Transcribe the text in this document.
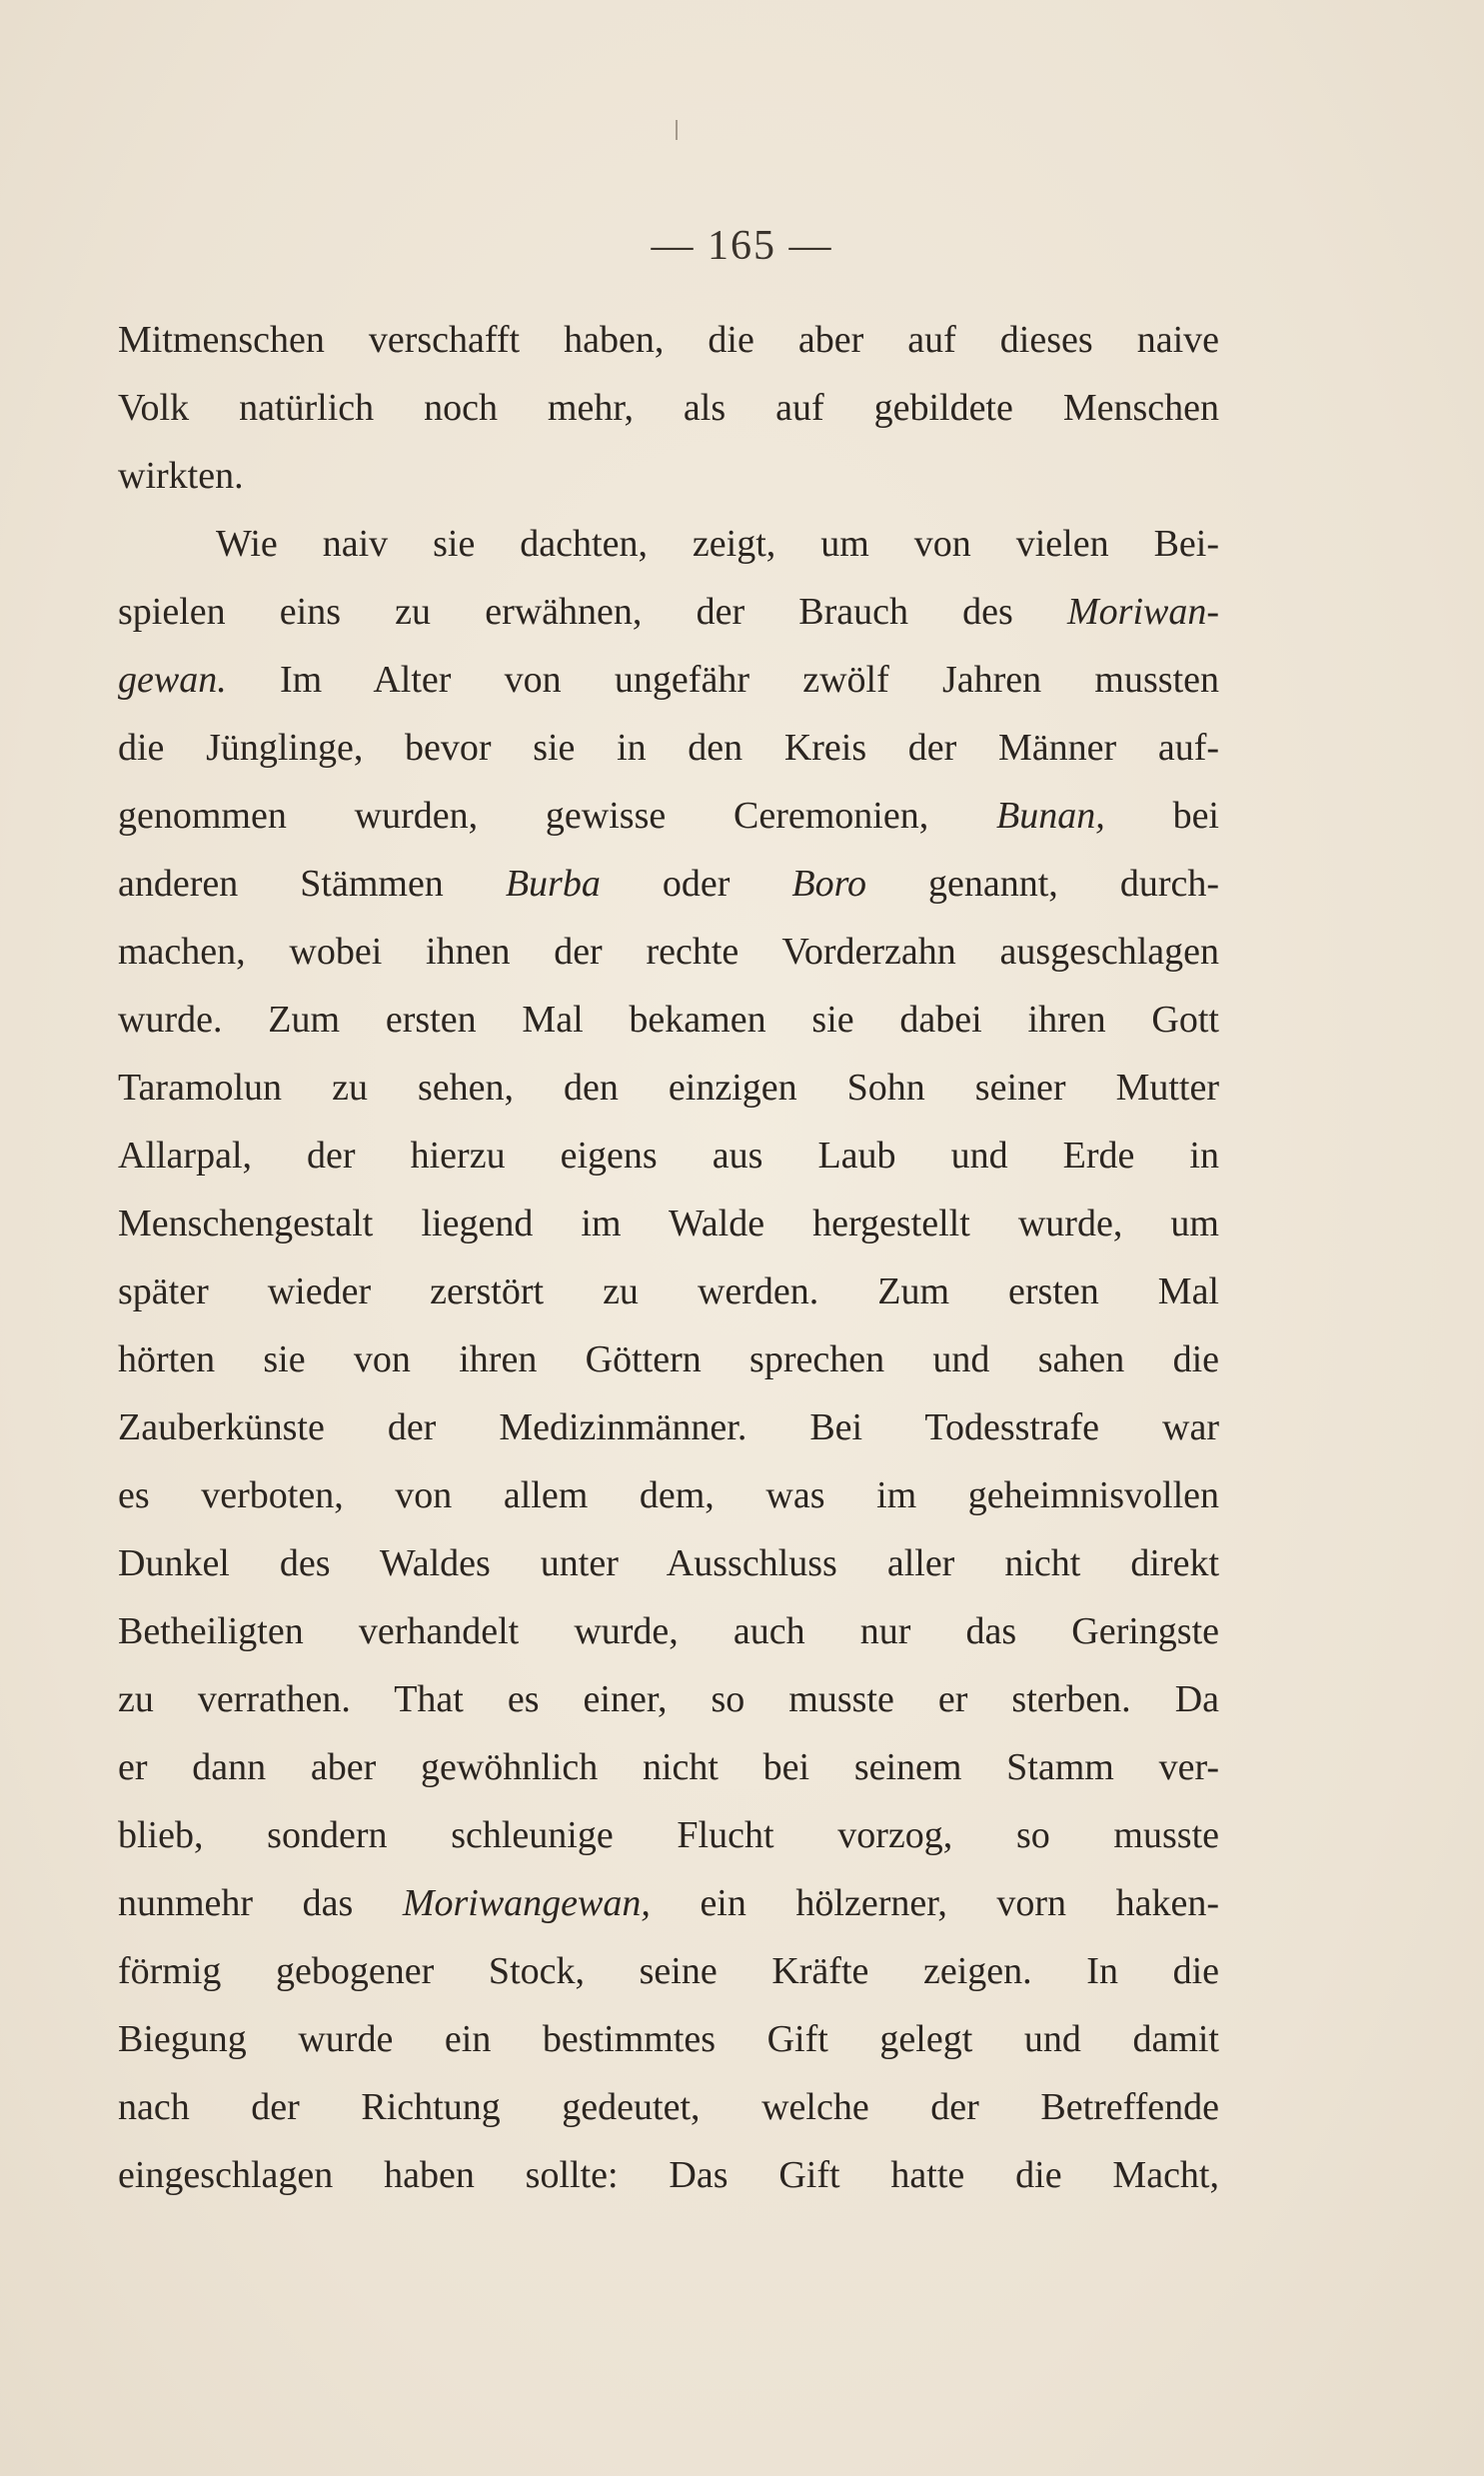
— 165 —
Mitmenschen verschafft haben, die aber auf dieses naive
Volk natürlich noch mehr, als auf gebildete Menschen
wirkten.
Wie naiv sie dachten, zeigt, um von vielen Bei-
spielen eins zu erwähnen, der Brauch des Moriwan-
gewan. Im Alter von ungefähr zwölf Jahren mussten
die Jünglinge, bevor sie in den Kreis der Männer auf-
genommen wurden, gewisse Ceremonien, Bunan, bei
anderen Stämmen Burba oder Boro genannt, durch-
machen, wobei ihnen der rechte Vorderzahn ausgeschlagen
wurde. Zum ersten Mal bekamen sie dabei ihren Gott
Taramolun zu sehen, den einzigen Sohn seiner Mutter
Allarpal, der hierzu eigens aus Laub und Erde in
Menschengestalt liegend im Walde hergestellt wurde, um
später wieder zerstört zu werden. Zum ersten Mal
hörten sie von ihren Göttern sprechen und sahen die
Zauberkünste der Medizinmänner. Bei Todesstrafe war
es verboten, von allem dem, was im geheimnisvollen
Dunkel des Waldes unter Ausschluss aller nicht direkt
Betheiligten verhandelt wurde, auch nur das Geringste
zu verrathen. That es einer, so musste er sterben. Da
er dann aber gewöhnlich nicht bei seinem Stamm ver-
blieb, sondern schleunige Flucht vorzog, so musste
nunmehr das Moriwangewan, ein hölzerner, vorn haken-
förmig gebogener Stock, seine Kräfte zeigen. In die
Biegung wurde ein bestimmtes Gift gelegt und damit
nach der Richtung gedeutet, welche der Betreffende
eingeschlagen haben sollte: Das Gift hatte die Macht,
